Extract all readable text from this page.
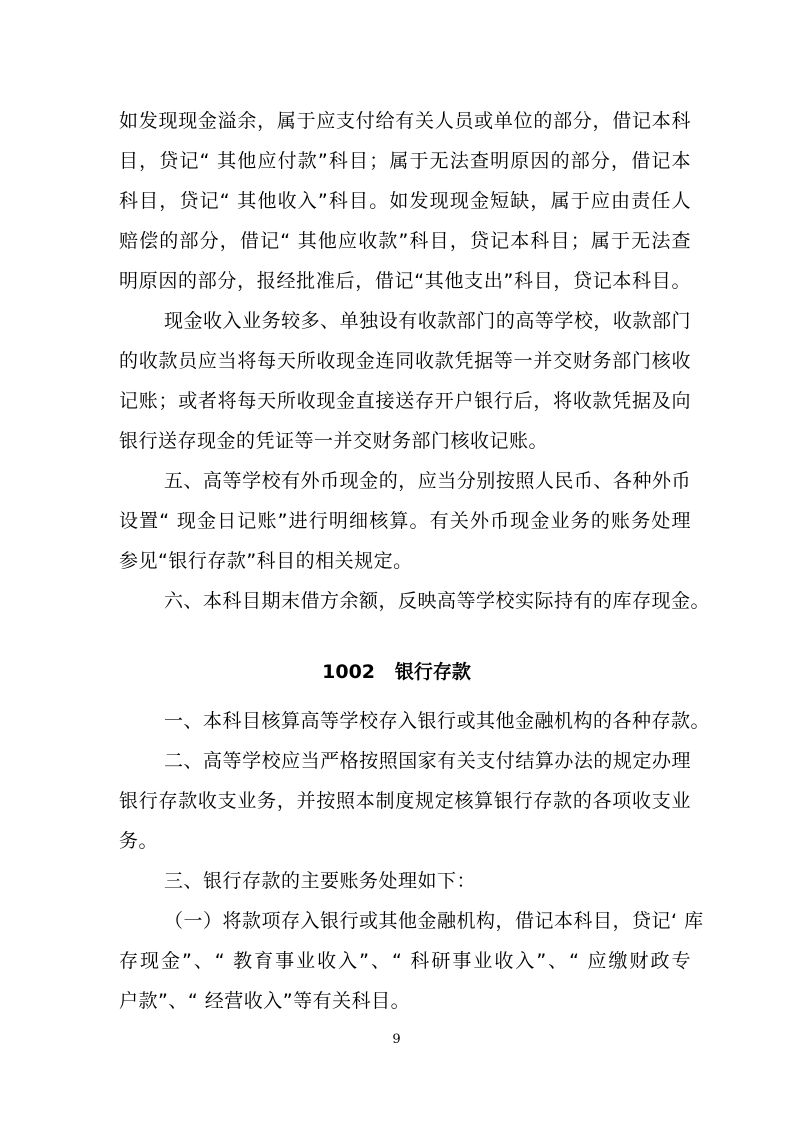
如发现现金溢余，属于应支付给有关人员或单位的部分，借记本科
目，贷记“ 其他应付款”科目；属于无法查明原因的部分，借记本
科目，贷记“ 其他收入”科目。如发现现金短缺，属于应由责任人
赔偿的部分，借记“ 其他应收款”科目，贷记本科目；属于无法查
明原因的部分，报经批准后，借记“其他支出”科目，贷记本科目。
现金收入业务较多、单独设有收款部门的高等学校，收款部门
的收款员应当将每天所收现金连同收款凭据等一并交财务部门核收
记账；或者将每天所收现金直接送存开户银行后，将收款凭据及向
银行送存现金的凭证等一并交财务部门核收记账。
五、高等学校有外币现金的，应当分别按照人民币、各种外币
设置“ 现金日记账”进行明细核算。有关外币现金业务的账务处理
参见“银行存款”科目的相关规定。
六、本科目期末借方余额，反映高等学校实际持有的库存现金。
1002   银行存款
一、本科目核算高等学校存入银行或其他金融机构的各种存款。
二、高等学校应当严格按照国家有关支付结算办法的规定办理
银行存款收支业务，并按照本制度规定核算银行存款的各项收支业
务。
三、银行存款的主要账务处理如下：
（一）将款项存入银行或其他金融机构，借记本科目，贷记‘ 库
存现金”、“ 教育事业收入”、“ 科研事业收入”、“ 应缴财政专
户款”、“ 经营收入”等有关科目。
9
